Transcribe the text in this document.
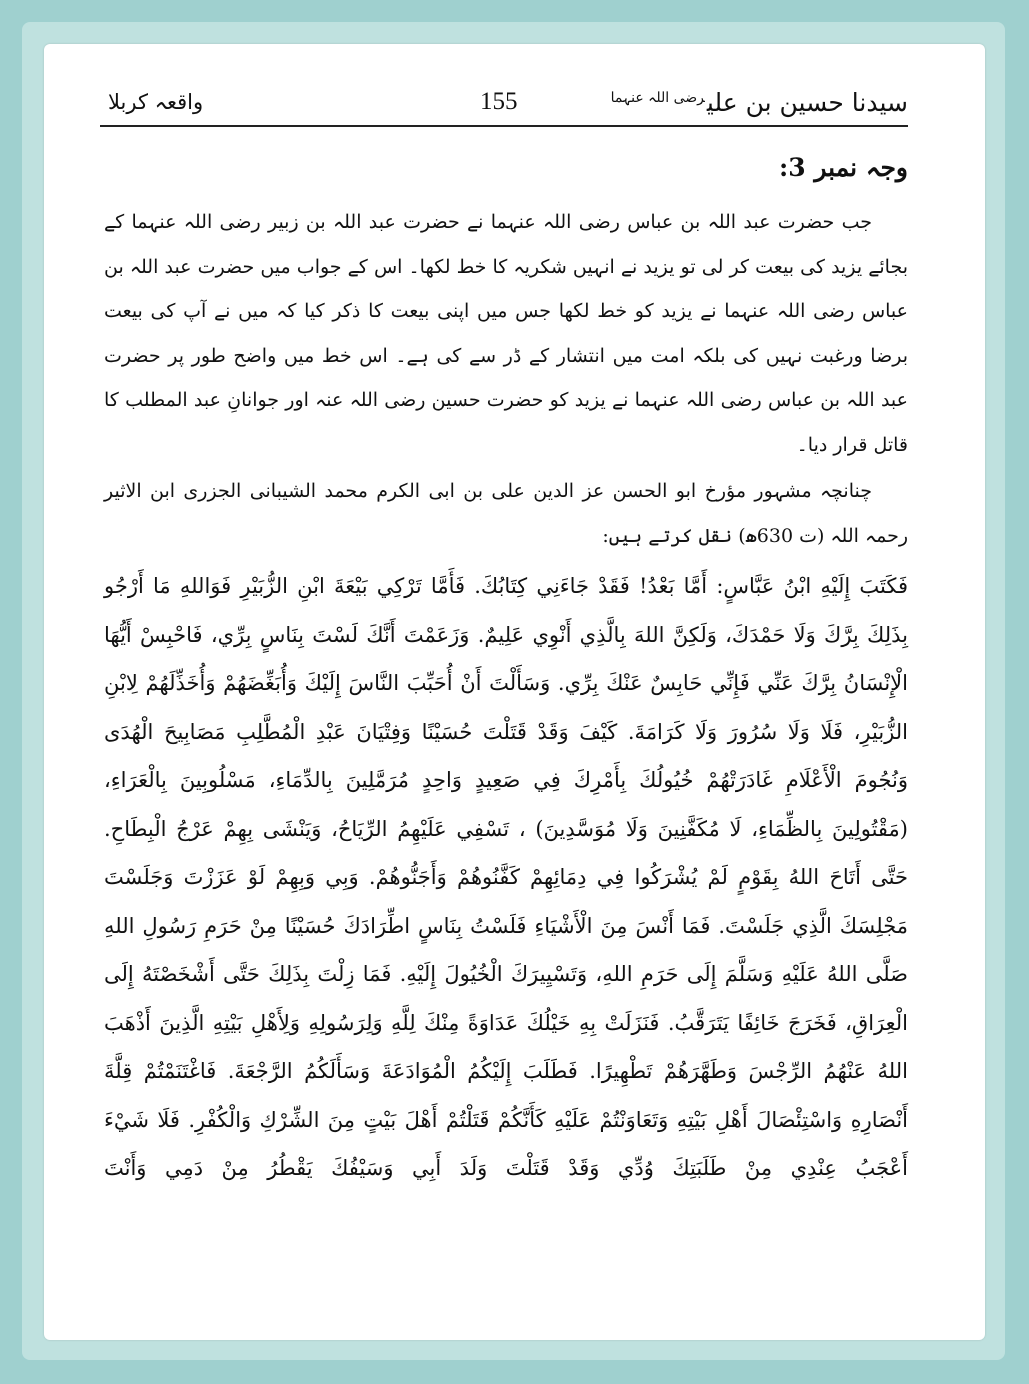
سیدنا حسین بن علی$^{رضی اللہ عنہما}$
155
واقعہ کربلا
وجہ نمبر 3:

جب حضرت عبد اللہ بن عباس رضی اللہ عنہما نے حضرت عبد اللہ بن زبیر رضی اللہ عنہما کے بجائے یزید کی بیعت کر لی تو یزید نے انہیں شکریہ کا خط لکھا۔ اس کے جواب میں حضرت عبد اللہ بن عباس رضی اللہ عنہما نے یزید کو خط لکھا جس میں اپنی بیعت کا ذکر کیا کہ میں نے آپ کی بیعت برضا ورغبت نہیں کی بلکہ امت میں انتشار کے ڈر سے کی ہے۔ اس خط میں واضح طور پر حضرت عبد اللہ بن عباس رضی اللہ عنہما نے یزید کو حضرت حسین رضی اللہ عنہ اور جوانانِ عبد المطلب کا قاتل قرار دیا۔

چنانچہ مشہور مؤرخ ابو الحسن عز الدین علی بن ابی الکرم محمد الشیبانی الجزری ابن الاثیر رحمہ اللہ (ت 630ھ) نقل کرتے ہیں:

فَكَتَبَ إِلَيْهِ ابْنُ عَبَّاسٍ: أَمَّا بَعْدُ! فَقَدْ جَاءَنِي كِتَابُكَ. فَأَمَّا تَرْكِي بَيْعَةَ ابْنِ الزُّبَيْرِ فَوَاللهِ مَا أَرْجُو بِذَلِكَ بِرَّكَ وَلَا حَمْدَكَ، وَلَكِنَّ اللهَ بِالَّذِي أَنْوِي عَلِيمٌ. وَزَعَمْتَ أَنَّكَ لَسْتَ بِنَاسٍ بِرِّي، فَاحْبِسْ أَيُّهَا الْإِنْسَانُ بِرَّكَ عَنِّي فَإِنِّي حَابِسٌ عَنْكَ بِرِّي. وَسَأَلْتَ أَنْ أُحَبِّبَ النَّاسَ إِلَيْكَ وَأُبَغِّضَهُمْ وَأُخَذِّلَهُمْ لِابْنِ الزُّبَيْرِ، فَلَا وَلَا سُرُورَ وَلَا كَرَامَةَ. كَيْفَ وَقَدْ قَتَلْتَ حُسَيْنًا وَفِتْيَانَ عَبْدِ الْمُطَّلِبِ مَصَابِيحَ الْهُدَى وَنُجُومَ الْأَعْلَامِ غَادَرَتْهُمْ خُيُولُكَ بِأَمْرِكَ فِي صَعِيدٍ وَاحِدٍ مُرَمَّلِينَ بِالدِّمَاءِ، مَسْلُوبِينَ بِالْعَرَاءِ، (مَقْتُولِينَ بِالظِّمَاءِ، لَا مُكَفَّنِينَ وَلَا مُوَسَّدِينَ) ، تَسْفِي عَلَيْهِمُ الرِّيَاحُ، وَيَنْشَى بِهِمْ عَرْجُ الْبِطَاحِ. حَتَّى أَتَاحَ اللهُ بِقَوْمٍ لَمْ يُشْرَكُوا فِي دِمَائِهِمْ كَفَّنُوهُمْ وَأَجَنُّوهُمْ. وَبِي وَبِهِمْ لَوْ عَزَزْتَ وَجَلَسْتَ مَجْلِسَكَ الَّذِي جَلَسْتَ. فَمَا أَنْسَ مِنَ الْأَشْيَاءِ فَلَسْتُ بِنَاسٍ اطِّرَادَكَ حُسَيْنًا مِنْ حَرَمِ رَسُولِ اللهِ صَلَّى اللهُ عَلَيْهِ وَسَلَّمَ إِلَى حَرَمِ اللهِ، وَتَسْيِيرَكَ الْخُيُولَ إِلَيْهِ. فَمَا زِلْتَ بِذَلِكَ حَتَّى أَشْخَصْتَهُ إِلَى الْعِرَاقِ، فَخَرَجَ خَائِفًا يَتَرَقَّبُ. فَنَزَلَتْ بِهِ خَيْلُكَ عَدَاوَةً مِنْكَ لِلَّهِ وَلِرَسُولِهِ وَلِأَهْلِ بَيْتِهِ الَّذِينَ أَذْهَبَ اللهُ عَنْهُمُ الرِّجْسَ وَطَهَّرَهُمْ تَطْهِيرًا. فَطَلَبَ إِلَيْكُمُ الْمُوَادَعَةَ وَسَأَلَكُمُ الرَّجْعَةَ. فَاغْتَنَمْتُمْ قِلَّةَ أَنْصَارِهِ وَاسْتِئْصَالَ أَهْلِ بَيْتِهِ وَتَعَاوَنْتُمْ عَلَيْهِ كَأَنَّكُمْ قَتَلْتُمْ أَهْلَ بَيْتٍ مِنَ الشِّرْكِ وَالْكُفْرِ. فَلَا شَيْءَ أَعْجَبُ عِنْدِي مِنْ طَلَبَتِكَ وُدِّي وَقَدْ قَتَلْتَ وَلَدَ أَبِي وَسَيْفُكَ يَقْطُرُ مِنْ دَمِي وَأَنْتَ
